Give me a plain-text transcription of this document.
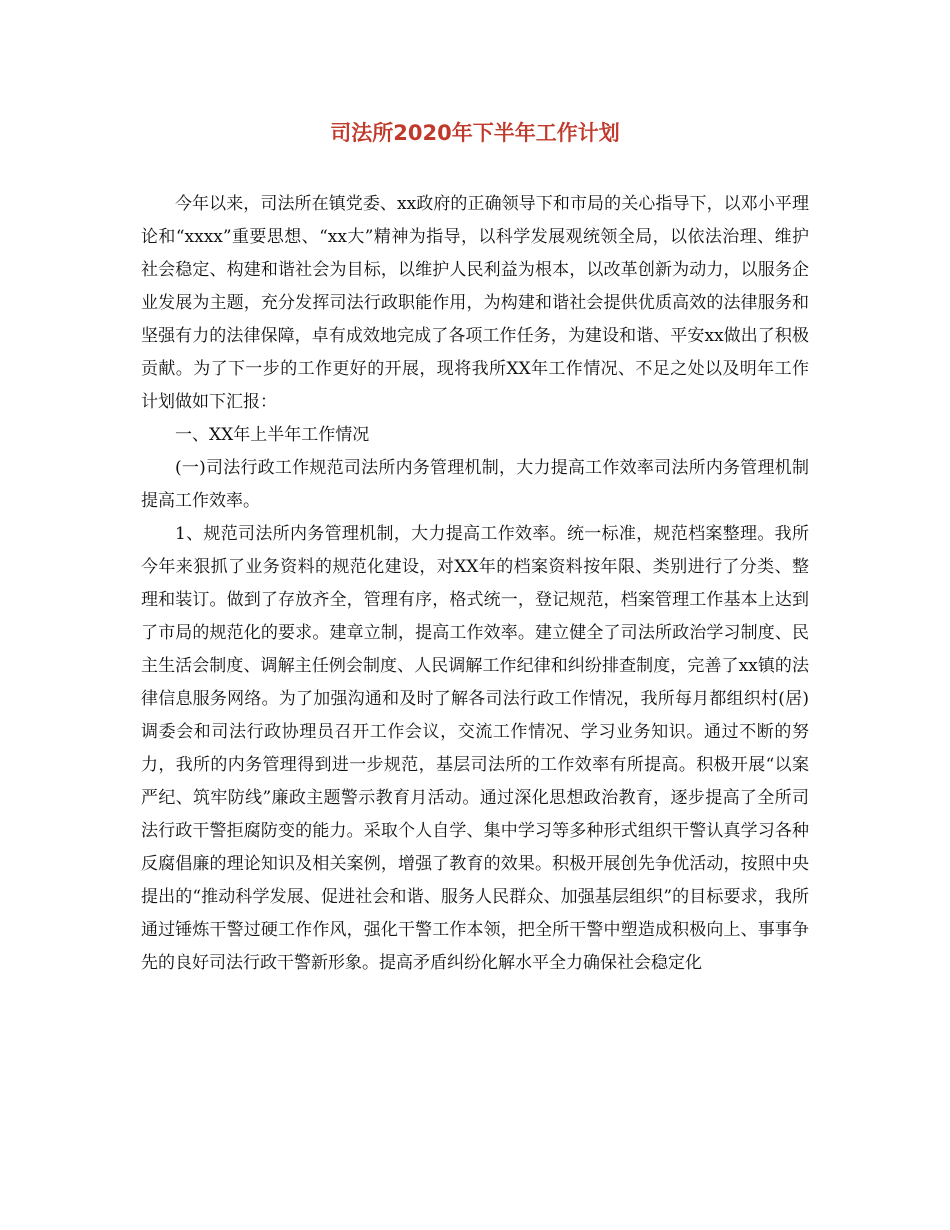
司法所2020年下半年工作计划

今年以来，司法所在镇党委、xx政府的正确领导下和市局的关心指导下，以邓小平理论和“xxxx”重要思想、“xx大”精神为指导，以科学发展观统领全局，以依法治理、维护社会稳定、构建和谐社会为目标，以维护人民利益为根本，以改革创新为动力，以服务企业发展为主题，充分发挥司法行政职能作用，为构建和谐社会提供优质高效的法律服务和坚强有力的法律保障，卓有成效地完成了各项工作任务，为建设和谐、平安xx做出了积极贡献。为了下一步的工作更好的开展，现将我所XX年工作情况、不足之处以及明年工作计划做如下汇报：

一、XX年上半年工作情况

(一)司法行政工作规范司法所内务管理机制，大力提高工作效率司法所内务管理机制提高工作效率。

1、规范司法所内务管理机制，大力提高工作效率。统一标准，规范档案整理。我所今年来狠抓了业务资料的规范化建设，对XX年的档案资料按年限、类别进行了分类、整理和装订。做到了存放齐全，管理有序，格式统一，登记规范，档案管理工作基本上达到了市局的规范化的要求。建章立制，提高工作效率。建立健全了司法所政治学习制度、民主生活会制度、调解主任例会制度、人民调解工作纪律和纠纷排查制度，完善了xx镇的法律信息服务网络。为了加强沟通和及时了解各司法行政工作情况，我所每月都组织村(居)调委会和司法行政协理员召开工作会议，交流工作情况、学习业务知识。通过不断的努力，我所的内务管理得到进一步规范，基层司法所的工作效率有所提高。积极开展“以案严纪、筑牢防线”廉政主题警示教育月活动。通过深化思想政治教育，逐步提高了全所司法行政干警拒腐防变的能力。采取个人自学、集中学习等多种形式组织干警认真学习各种反腐倡廉的理论知识及相关案例，增强了教育的效果。积极开展创先争优活动，按照中央提出的“推动科学发展、促进社会和谐、服务人民群众、加强基层组织”的目标要求，我所通过锤炼干警过硬工作作风，强化干警工作本领，把全所干警中塑造成积极向上、事事争先的良好司法行政干警新形象。提高矛盾纠纷化解水平全力确保社会稳定化
